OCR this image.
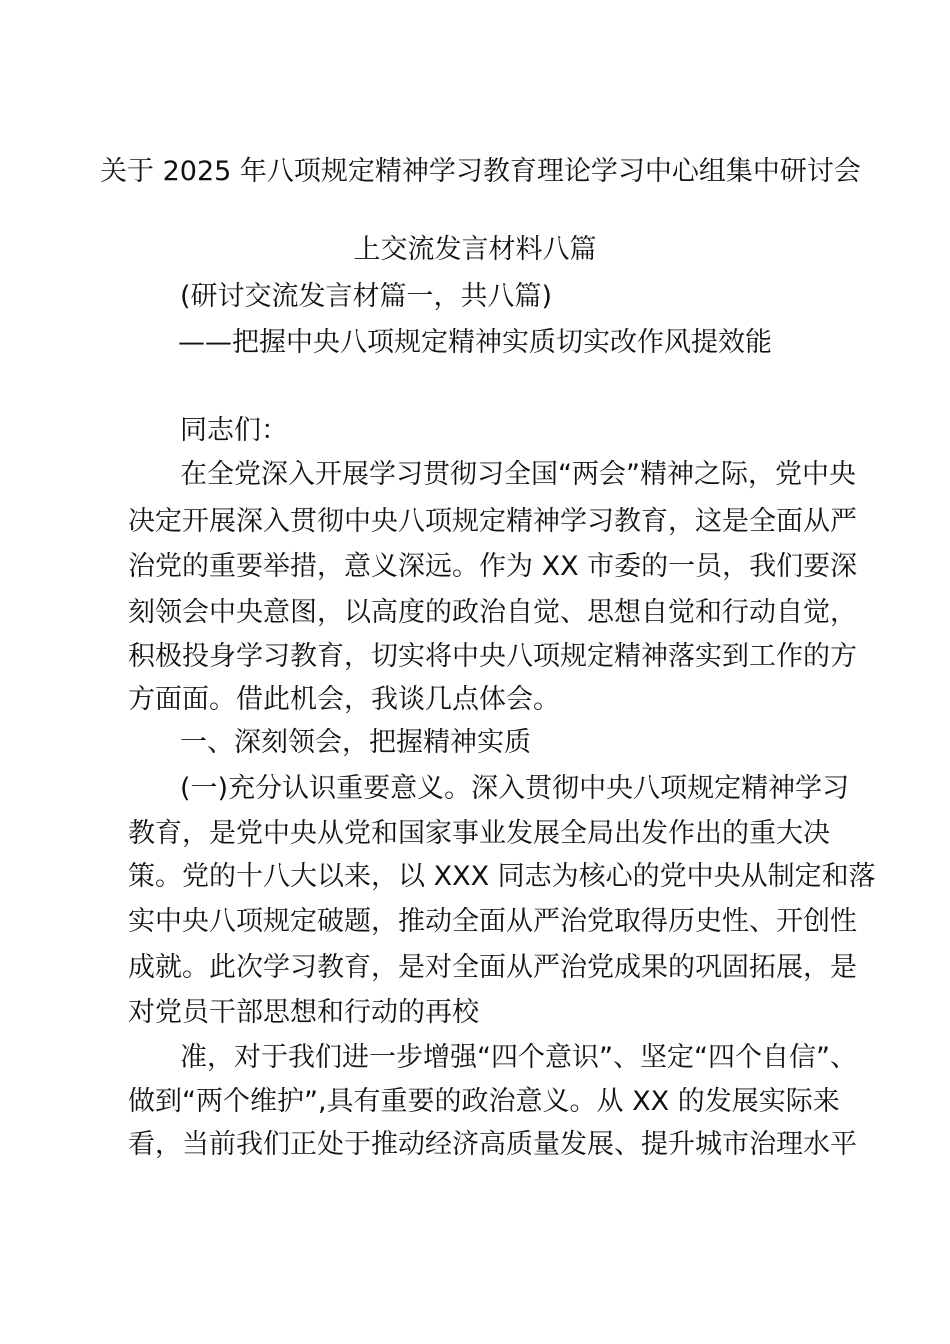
关于 2025 年八项规定精神学习教育理论学习中心组集中研讨会
上交流发言材料八篇
(研讨交流发言材篇一，共八篇)
——把握中央八项规定精神实质切实改作风提效能
同志们：
在全党深入开展学习贯彻习全国“两会”精神之际，党中央
决定开展深入贯彻中央八项规定精神学习教育，这是全面从严
治党的重要举措，意义深远。作为 XX 市委的一员，我们要深
刻领会中央意图，以高度的政治自觉、思想自觉和行动自觉，
积极投身学习教育，切实将中央八项规定精神落实到工作的方
方面面。借此机会，我谈几点体会。
一、深刻领会，把握精神实质
(一)充分认识重要意义。深入贯彻中央八项规定精神学习
教育，是党中央从党和国家事业发展全局出发作出的重大决
策。党的十八大以来，以 XXX 同志为核心的党中央从制定和落
实中央八项规定破题，推动全面从严治党取得历史性、开创性
成就。此次学习教育，是对全面从严治党成果的巩固拓展，是
对党员干部思想和行动的再校
准，对于我们进一步增强“四个意识”、坚定“四个自信”、
做到“两个维护”,具有重要的政治意义。从 XX 的发展实际来
看，当前我们正处于推动经济高质量发展、提升城市治理水平
